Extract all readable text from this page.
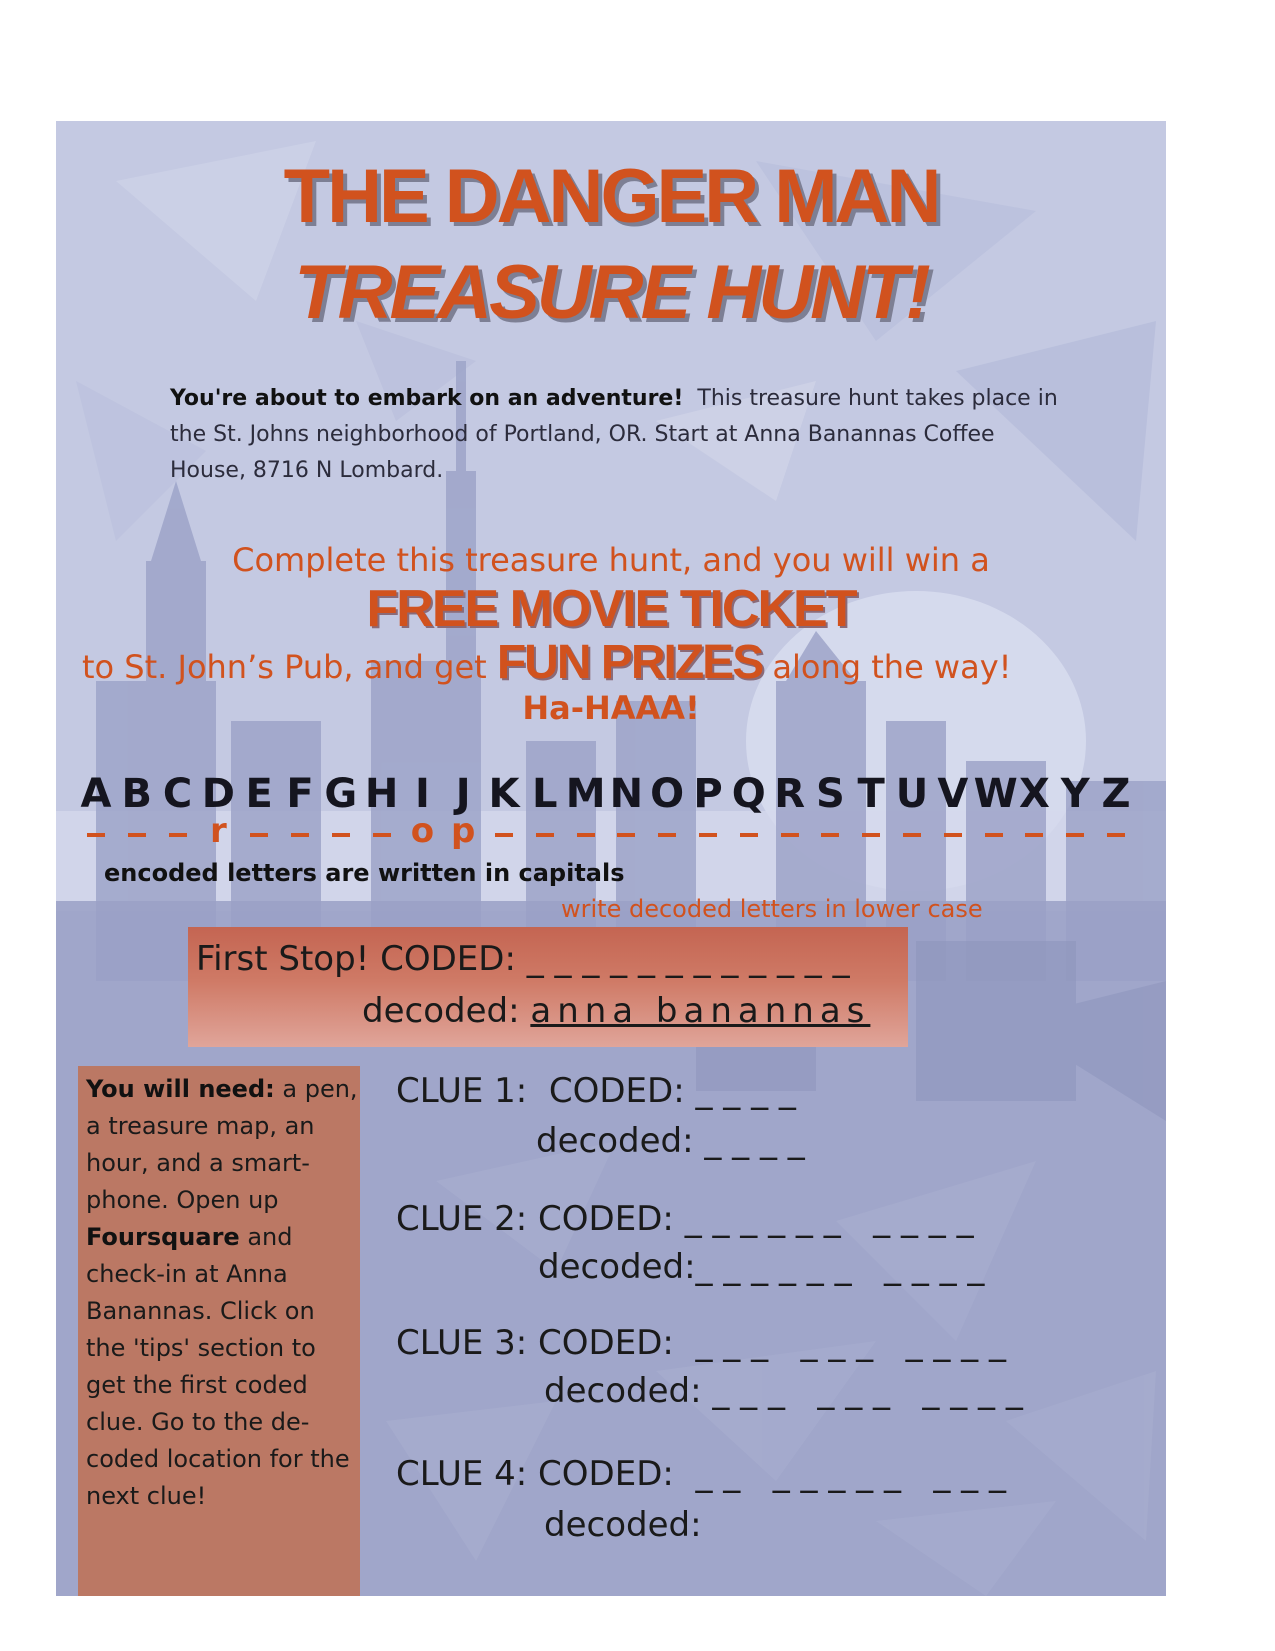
THE DANGER MAN
TREASURE HUNT!
You're about to embark on an adventure! This treasure hunt takes place in the St. Johns neighborhood of Portland, OR. Start at Anna Banannas Coffee House, 8716 N Lombard.
Complete this treasure hunt, and you will win a
FREE MOVIE TICKET
to St. John’s Pub, and get FUN PRIZES along the way!
Ha-HAAA!
A B C D
r
E F G H I
o
J
p
K L M N O P Q R S T U V W X Y Z
encoded letters are written in capitals
write decoded letters in lower case
First Stop! CODED: _ _ _ _ _ _ _ _ _ _ _ _
decoded: anna banannas
You will need: a pen, a treasure map, an hour, and a smart-phone. Open up Foursquare and check-in at Anna Banannas. Click on the 'tips' section to get the first coded clue. Go to the de-coded location for the next clue!
CLUE 1:  CODED: _ _ _ _
decoded: _ _ _ _
CLUE 2: CODED: _ _ _ _ _ _   _ _ _ _
decoded:_ _ _ _ _ _   _ _ _ _
CLUE 3: CODED:  _ _ _   _ _ _   _ _ _ _
decoded: _ _ _   _ _ _   _ _ _ _
CLUE 4: CODED:  _ _   _ _ _ _ _   _ _ _
decoded:
